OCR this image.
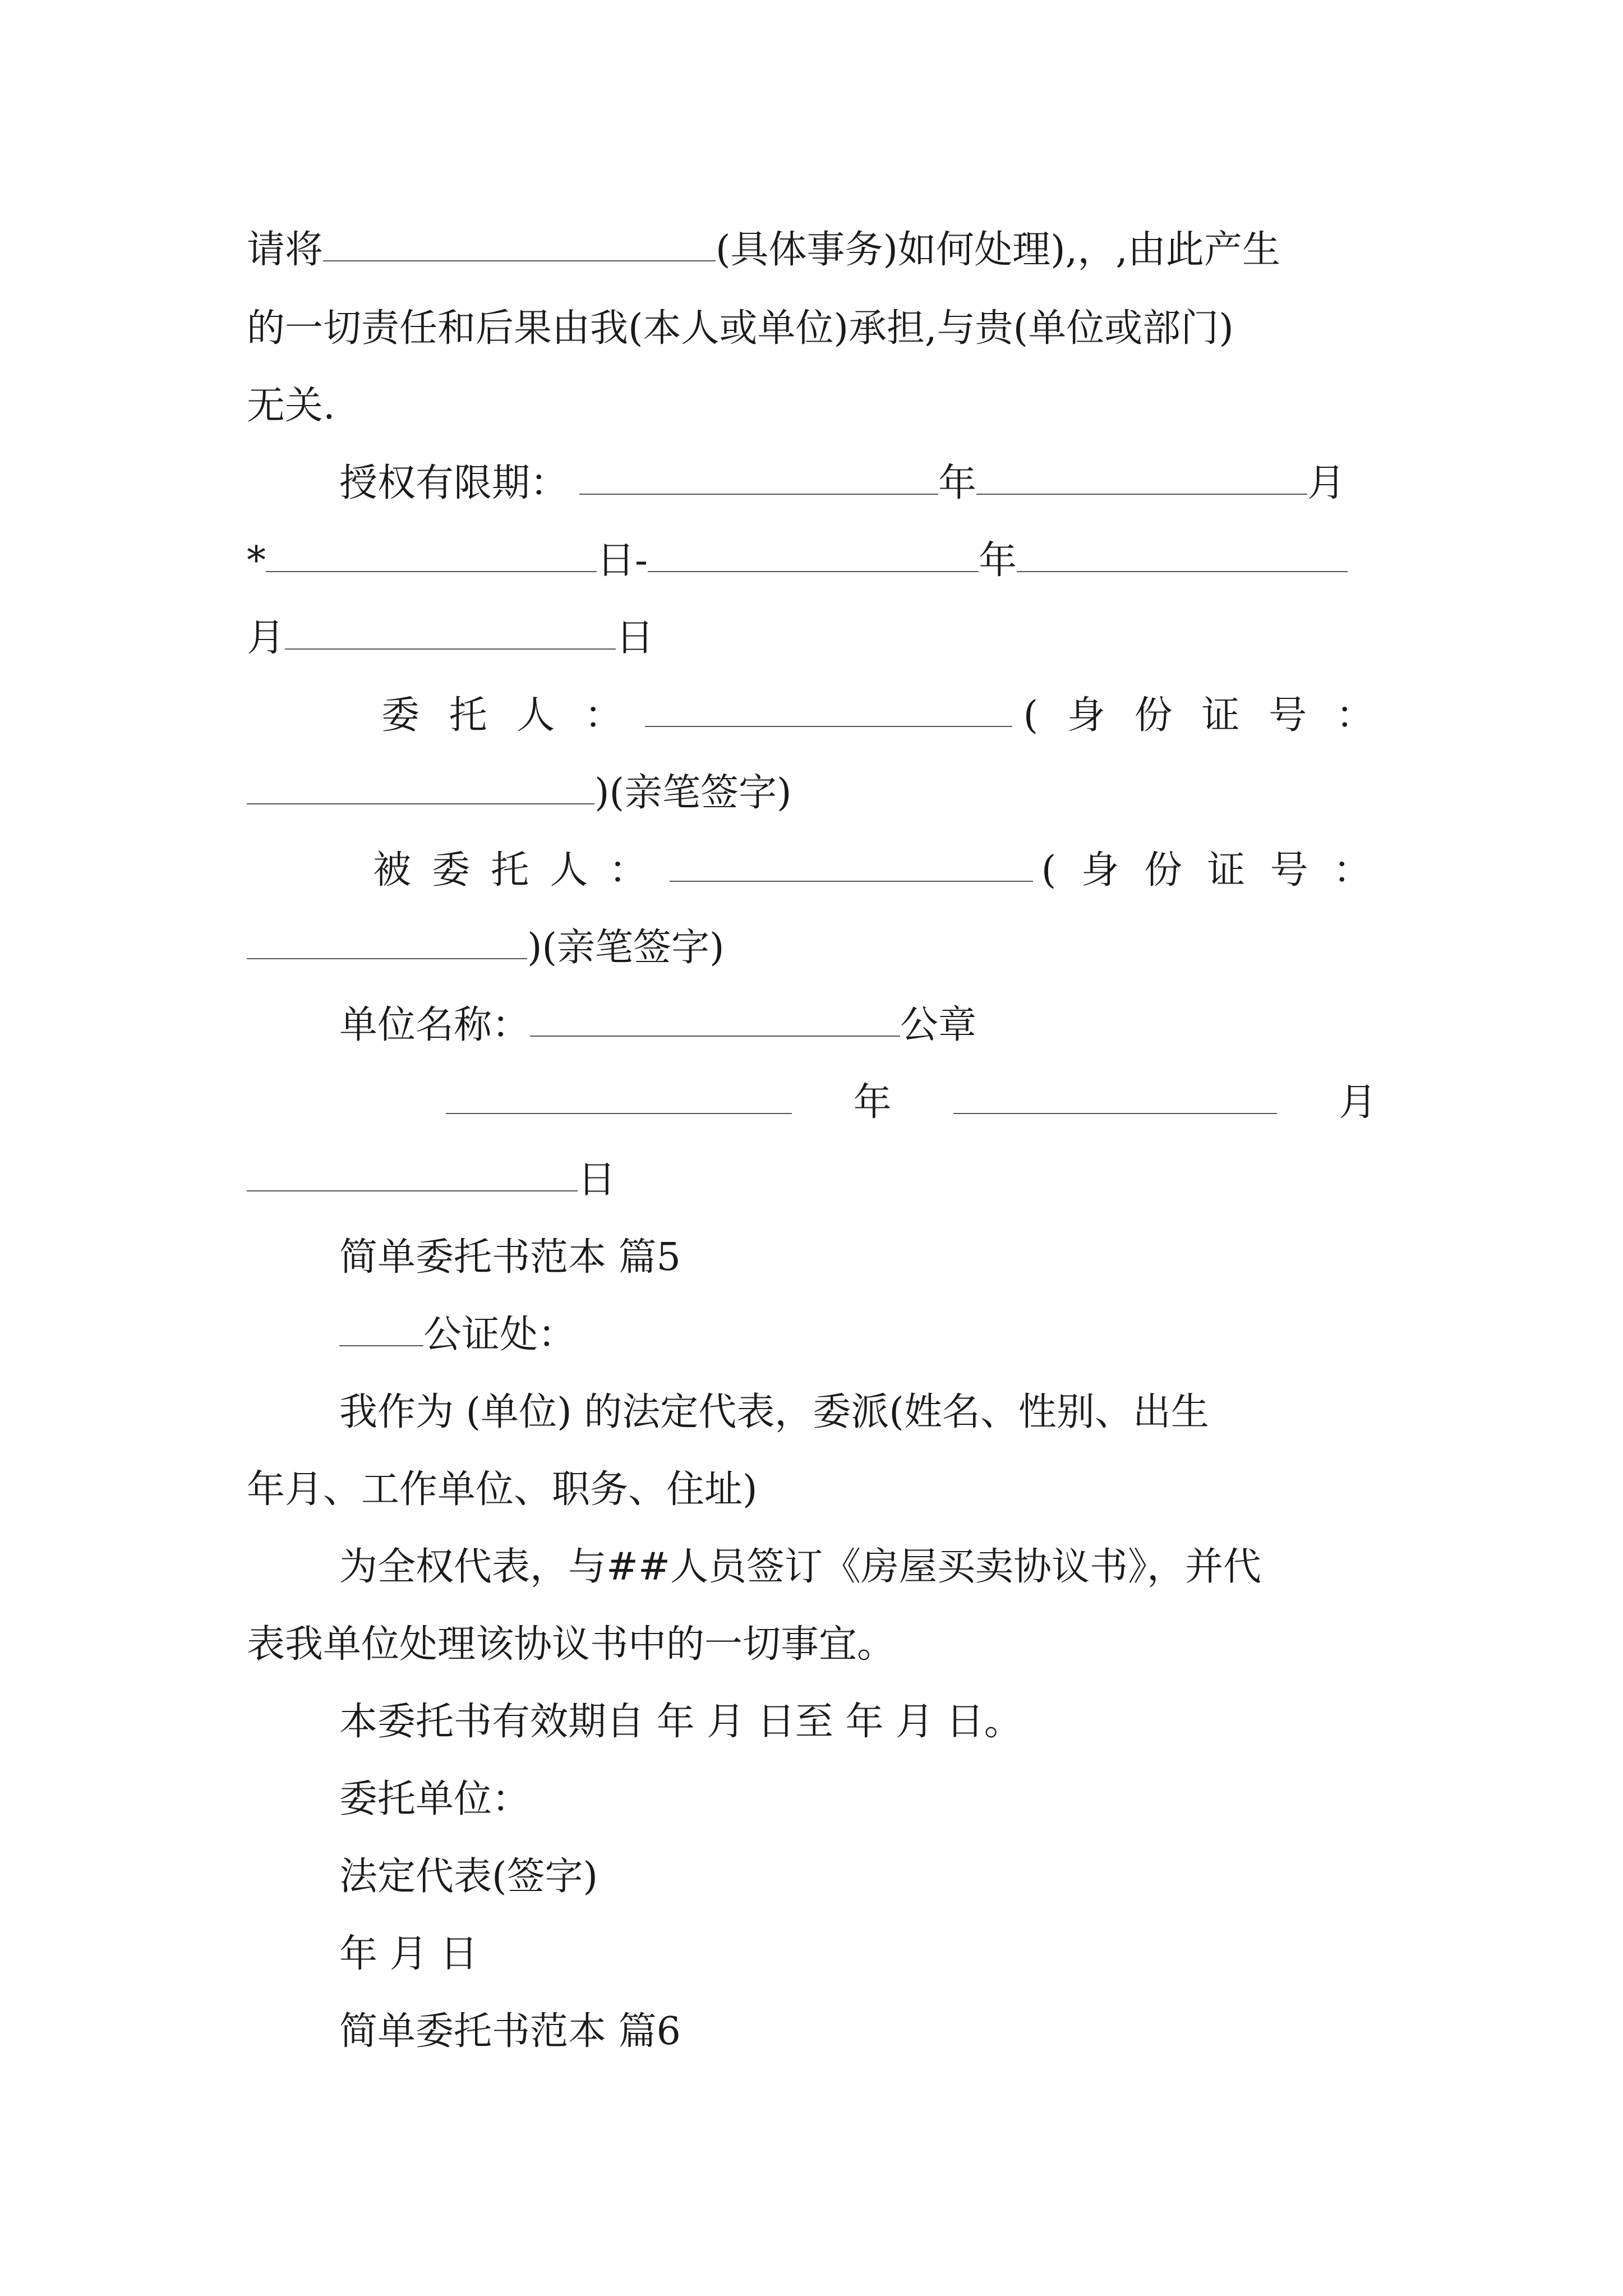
请将	(具体事务)如何处理),，,由此产生
的一切责任和后果由我(本人或单位)承担,与贵(单位或部门)
无关.
授权有限期：	年	月
*	日-	年
月	日
委 托 人 ：	( 身 份 证 号 ：
)(亲笔签字)
被 委 托 人 ：	( 身 份 证 号 ：
)(亲笔签字)
单位名称：	公章
年	月
日
简单委托书范本 篇5
公证处：
我作为 (单位) 的法定代表，委派(姓名、性别、出生
年月、工作单位、职务、住址)
为全权代表，与##人员签订《房屋买卖协议书》，并代
表我单位处理该协议书中的一切事宜。
本委托书有效期自 年 月 日至 年 月 日。
委托单位：
法定代表(签字)
年 月 日
简单委托书范本 篇6
